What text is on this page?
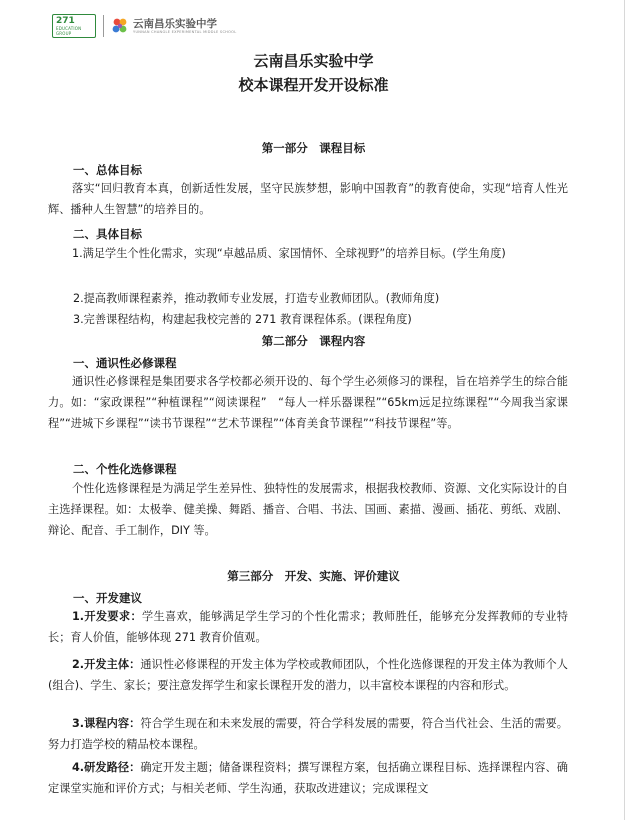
271
EDUCATION
GROUP
云南昌乐实验中学
YUNNAN CHANGLE EXPERIMENTAL MIDDLE SCHOOL
云南昌乐实验中学
校本课程开发开设标准
第一部分　课程目标
一、总体目标
落实“回归教育本真，创新适性发展，坚守民族梦想，影响中国教育”的教育使命，实现“培育人性光辉、播种人生智慧”的培养目的。
二、具体目标
1.满足学生个性化需求，实现“卓越品质、家国情怀、全球视野”的培养目标。(学生角度)
2.提高教师课程素养，推动教师专业发展，打造专业教师团队。(教师角度)
3.完善课程结构，构建起我校完善的 271 教育课程体系。(课程角度)
第二部分　课程内容
一、通识性必修课程
通识性必修课程是集团要求各学校都必须开设的、每个学生必须修习的课程，旨在培养学生的综合能力。如：“家政课程”“种植课程”“阅读课程”　“每人一样乐器课程”“65km远足拉练课程”“今周我当家课程”“进城下乡课程”“读书节课程”“艺术节课程”“体育美食节课程”“科技节课程”等。
二、个性化选修课程
个性化选修课程是为满足学生差异性、独特性的发展需求，根据我校教师、资源、文化实际设计的自主选择课程。如：太极拳、健美操、舞蹈、播音、合唱、书法、国画、素描、漫画、插花、剪纸、戏剧、辩论、配音、手工制作，DIY 等。
第三部分　开发、实施、评价建议
一、开发建议
1.开发要求：学生喜欢，能够满足学生学习的个性化需求；教师胜任，能够充分发挥教师的专业特长；育人价值，能够体现 271 教育价值观。
2.开发主体：通识性必修课程的开发主体为学校或教师团队，个性化选修课程的开发主体为教师个人(组合)、学生、家长；要注意发挥学生和家长课程开发的潜力，以丰富校本课程的内容和形式。
3.课程内容：符合学生现在和未来发展的需要，符合学科发展的需要，符合当代社会、生活的需要。努力打造学校的精品校本课程。
4.研发路径：确定开发主题；储备课程资料；撰写课程方案，包括确立课程目标、选择课程内容、确定课堂实施和评价方式；与相关老师、学生沟通，获取改进建议；完成课程文
